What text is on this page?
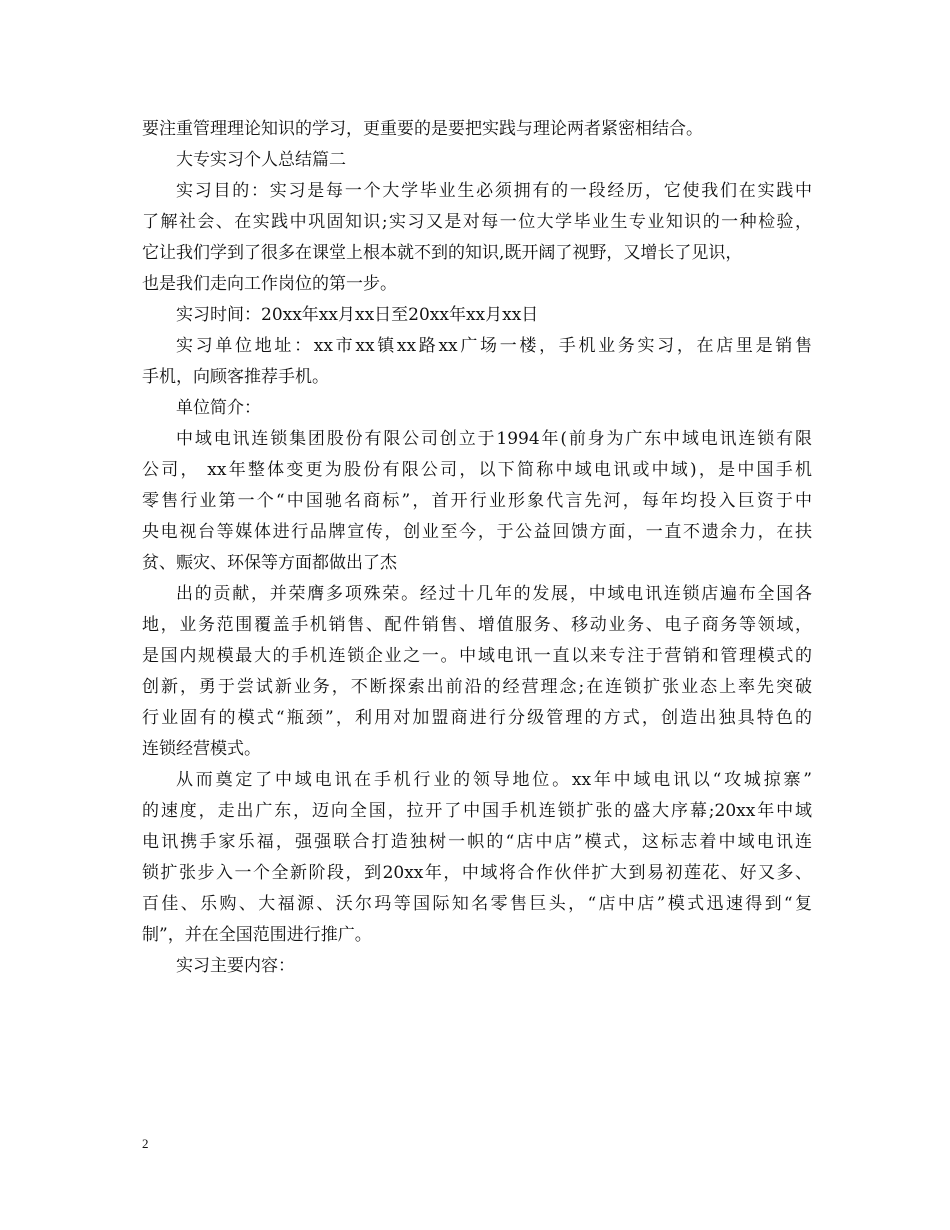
要注重管理理论知识的学习，更重要的是要把实践与理论两者紧密相结合。
大专实习个人总结篇二
实习目的：实习是每一个大学毕业生必须拥有的一段经历，它使我们在实践中
了解社会、在实践中巩固知识;实习又是对每一位大学毕业生专业知识的一种检验，
它让我们学到了很多在课堂上根本就不到的知识,既开阔了视野，又增长了见识，
也是我们走向工作岗位的第一步。
实习时间：20xx年xx月xx日至20xx年xx月xx日
实习单位地址：xx市xx镇xx路xx广场一楼，手机业务实习，在店里是销售
手机，向顾客推荐手机。
单位简介：
中域电讯连锁集团股份有限公司创立于1994年(前身为广东中域电讯连锁有限
公司， xx年整体变更为股份有限公司，以下简称中域电讯或中域)，是中国手机
零售行业第一个“中国驰名商标”，首开行业形象代言先河，每年均投入巨资于中
央电视台等媒体进行品牌宣传，创业至今，于公益回馈方面，一直不遗余力，在扶
贫、赈灾、环保等方面都做出了杰
出的贡献，并荣膺多项殊荣。经过十几年的发展，中域电讯连锁店遍布全国各
地，业务范围覆盖手机销售、配件销售、增值服务、移动业务、电子商务等领域，
是国内规模最大的手机连锁企业之一。中域电讯一直以来专注于营销和管理模式的
创新，勇于尝试新业务，不断探索出前沿的经营理念;在连锁扩张业态上率先突破
行业固有的模式“瓶颈”，利用对加盟商进行分级管理的方式，创造出独具特色的
连锁经营模式。
从而奠定了中域电讯在手机行业的领导地位。xx年中域电讯以“攻城掠寨”
的速度，走出广东，迈向全国，拉开了中国手机连锁扩张的盛大序幕;20xx年中域
电讯携手家乐福，强强联合打造独树一帜的“店中店”模式，这标志着中域电讯连
锁扩张步入一个全新阶段，到20xx年，中域将合作伙伴扩大到易初莲花、好又多、
百佳、乐购、大福源、沃尔玛等国际知名零售巨头，“店中店”模式迅速得到“复
制”，并在全国范围进行推广。
实习主要内容：
2
